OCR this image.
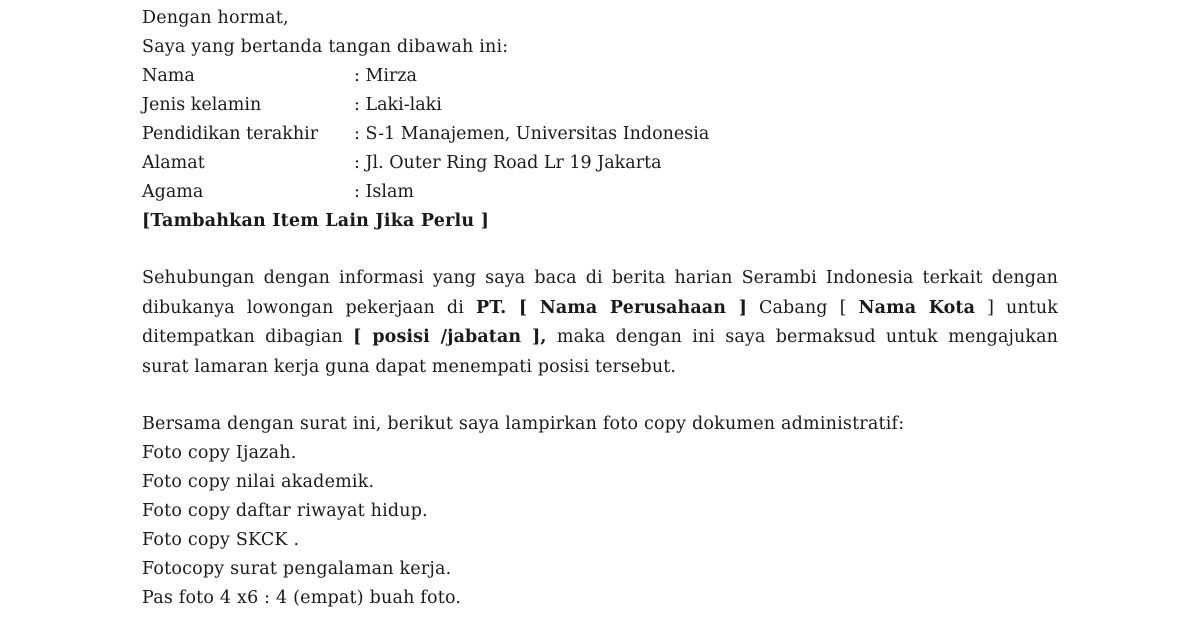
Dengan hormat,
Saya yang bertanda tangan dibawah ini:
Nama	: Mirza
Jenis kelamin	: Laki-laki
Pendidikan terakhir	: S-1 Manajemen, Universitas Indonesia
Alamat	: Jl. Outer Ring Road Lr 19 Jakarta
Agama	: Islam
[Tambahkan Item Lain Jika Perlu ]
Sehubungan dengan informasi yang saya baca di berita harian Serambi Indonesia terkait dengan
dibukanya lowongan pekerjaan di PT. [ Nama Perusahaan ] Cabang [ Nama Kota ] untuk
ditempatkan dibagian [ posisi /jabatan ], maka dengan ini saya bermaksud untuk mengajukan
surat lamaran kerja guna dapat menempati posisi tersebut.
Bersama dengan surat ini, berikut saya lampirkan foto copy dokumen administratif:
Foto copy Ijazah.
Foto copy nilai akademik.
Foto copy daftar riwayat hidup.
Foto copy SKCK .
Fotocopy surat pengalaman kerja.
Pas foto 4 x6 : 4 (empat) buah foto.
